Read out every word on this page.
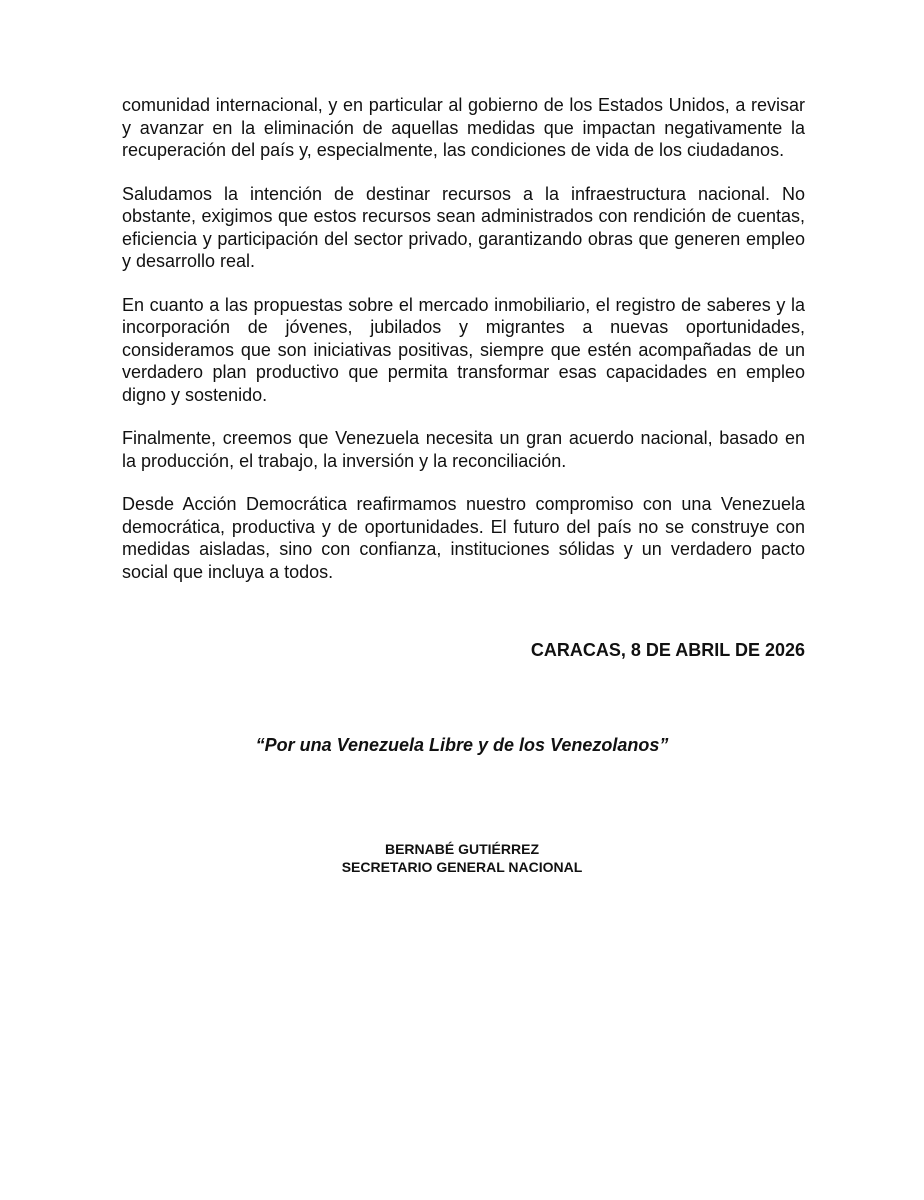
comunidad internacional, y en particular al gobierno de los Estados Unidos, a revisar y avanzar en la eliminación de aquellas medidas que impactan negativamente la recuperación del país y, especialmente, las condiciones de vida de los ciudadanos.

Saludamos la intención de destinar recursos a la infraestructura nacional. No obstante, exigimos que estos recursos sean administrados con rendición de cuentas, eficiencia y participación del sector privado, garantizando obras que generen empleo y desarrollo real.

En cuanto a las propuestas sobre el mercado inmobiliario, el registro de saberes y la incorporación de jóvenes, jubilados y migrantes a nuevas oportunidades, consideramos que son iniciativas positivas, siempre que estén acompañadas de un verdadero plan productivo que permita transformar esas capacidades en empleo digno y sostenido.

Finalmente, creemos que Venezuela necesita un gran acuerdo nacional, basado en la producción, el trabajo, la inversión y la reconciliación.

Desde Acción Democrática reafirmamos nuestro compromiso con una Venezuela democrática, productiva y de oportunidades. El futuro del país no se construye con medidas aisladas, sino con confianza, instituciones sólidas y un verdadero pacto social que incluya a todos.

CARACAS, 8 DE ABRIL DE 2026
“Por una Venezuela Libre y de los Venezolanos”
BERNABÉ GUTIÉRREZ
SECRETARIO GENERAL NACIONAL
